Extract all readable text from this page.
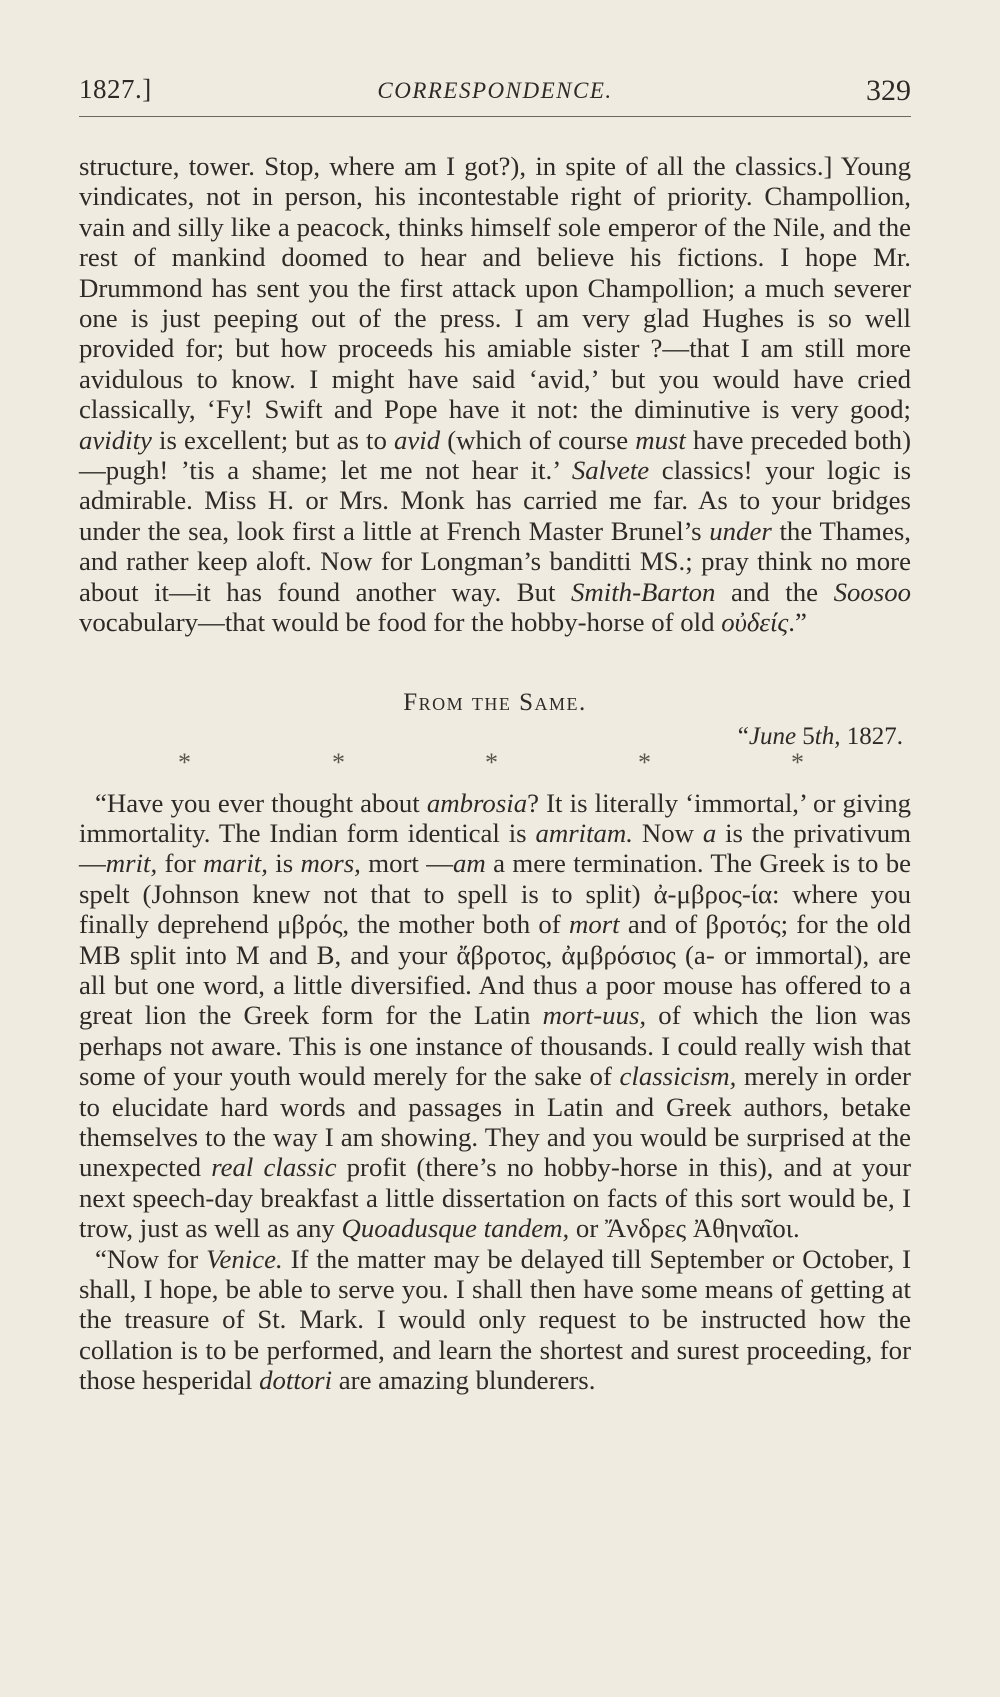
1827.]	CORRESPONDENCE.	329

structure, tower. Stop, where am I got?), in spite of all the classics.] Young vindicates, not in person, his incontestable right of priority. Champollion, vain and silly like a peacock, thinks himself sole emperor of the Nile, and the rest of mankind doomed to hear and believe his fictions. I hope Mr. Drummond has sent you the first attack upon Champollion; a much severer one is just peeping out of the press. I am very glad Hughes is so well provided for; but how proceeds his amiable sister ?—that I am still more avidulous to know. I might have said ‘avid,’ but you would have cried classically, ‘Fy! Swift and Pope have it not: the diminutive is very good; avidity is excellent; but as to avid (which of course must have preceded both)—pugh! ’tis a shame; let me not hear it.’ Salvete classics! your logic is admirable. Miss H. or Mrs. Monk has carried me far. As to your bridges under the sea, look first a little at French Master Brunel’s under the Thames, and rather keep aloft. Now for Longman’s banditti MS.; pray think no more about it—it has found another way. But Smith-Barton and the Soosoo vocabulary—that would be food for the hobby-horse of old οὐδείς.”

From the Same.
“June 5th, 1827.
*	*	*	*	*

“Have you ever thought about ambrosia? It is literally ‘immortal,’ or giving immortality. The Indian form identical is amritam. Now a is the privativum—mrit, for marit, is mors, mort —am a mere termination. The Greek is to be spelt (Johnson knew not that to spell is to split) ἀ-μβρος-ία: where you finally deprehend μβρός, the mother both of mort and of βροτός; for the old MB split into M and B, and your ἄβροτος, ἀμβρόσιος (a- or immortal), are all but one word, a little diversified. And thus a poor mouse has offered to a great lion the Greek form for the Latin mort-uus, of which the lion was perhaps not aware. This is one instance of thousands. I could really wish that some of your youth would merely for the sake of classicism, merely in order to elucidate hard words and passages in Latin and Greek authors, betake themselves to the way I am showing. They and you would be surprised at the unexpected real classic profit (there’s no hobby-horse in this), and at your next speech-day breakfast a little dissertation on facts of this sort would be, I trow, just as well as any Quoadusque tandem, or Ἄνδρες Ἀθηναῖοι.

“Now for Venice. If the matter may be delayed till September or October, I shall, I hope, be able to serve you. I shall then have some means of getting at the treasure of St. Mark. I would only request to be instructed how the collation is to be performed, and learn the shortest and surest proceeding, for those hesperidal dottori are amazing blunderers.
